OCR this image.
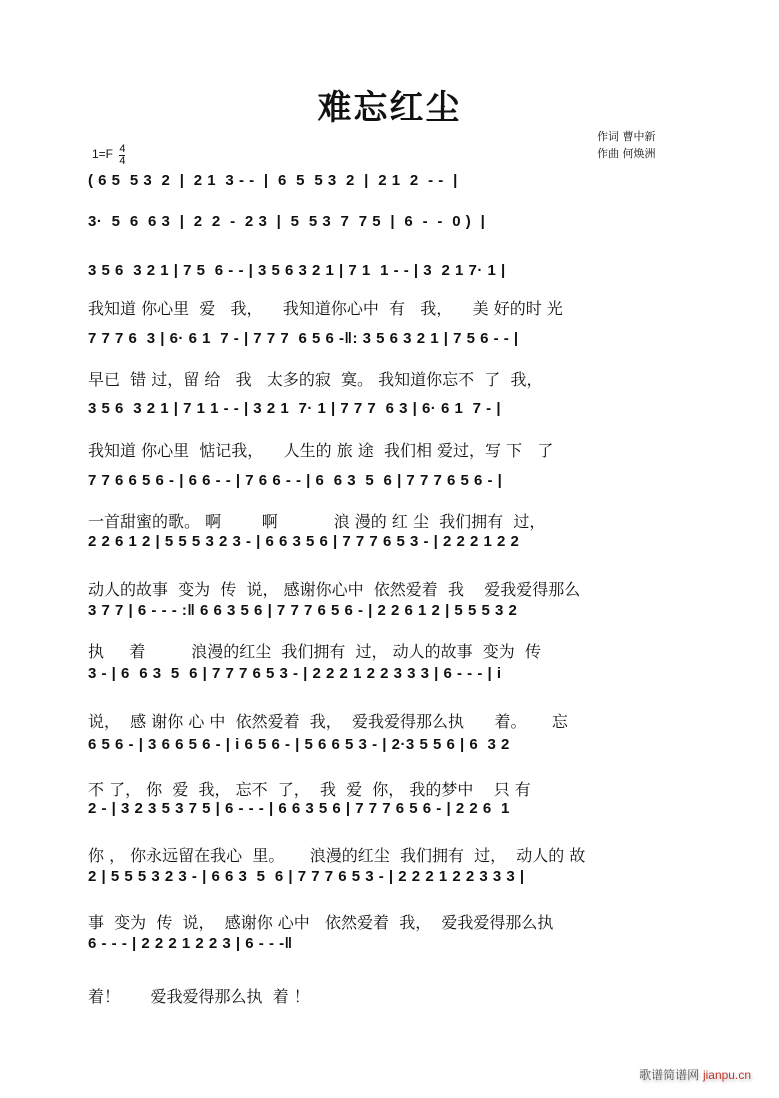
难忘红尘
$1=F \frac{4}{4}$
作词 曹中新
作曲 何焕洲
( 6 5  5 3  2  |  2 1  3 - -  |  6  5  5 3  2  |  2 1  2  - -  |
3·  5  6  6 3  |  2  2  -  2 3  |  5  5 3  7  7 5  |  6  -  -  0 )  |
3 5 6  3 2 1 | 7 5  6 - - | 3 5 6 3 2 1 | 7 1  1 - - | 3  2 1 7· 1 |
我知道 你心里  爱   我，    我知道你心中  有   我，    美 好的时 光
7 7 7 6  3 | 6· 6 1  7 - | 7 7 7  6 5 6 -‖: 3 5 6 3 2 1 | 7 5 6 - - |
早已  错 过，留 给   我   太多的寂  寞。 我知道你忘不  了  我，
3 5 6  3 2 1 | 7 1 1 - - | 3 2 1  7· 1 | 7 7 7  6 3 | 6· 6 1  7 - |
我知道 你心里  惦记我，    人生的 旅 途  我们相 爱过，写 下   了
7 7 6 6 5 6 - | 6 6 - - | 7 6 6 - - | 6  6 3  5  6 | 7 7 7 6 5 6 - |
一首甜蜜的歌。 啊        啊           浪 漫的 红 尘  我们拥有  过，
2 2 6 1 2 | 5 5 5 3 2 3 - | 6 6 3 5 6 | 7 7 7 6 5 3 - | 2 2 2 1 2 2
动人的故事  变为  传  说， 感谢你心中  依然爱着  我    爱我爱得那么
3 7 7 | 6 - - - :‖ 6 6 3 5 6 | 7 7 7 6 5 6 - | 2 2 6 1 2 | 5 5 5 3 2
执     着         浪漫的红尘  我们拥有  过， 动人的故事  变为  传
3 - | 6  6 3  5  6 | 7 7 7 6 5 3 - | 2 2 2 1 2 2 3 3 3 | 6 - - - | i
说，  感 谢你 心 中  依然爱着  我，  爱我爱得那么执      着。     忘
6 5 6 - | 3 6 6 5 6 - | i 6 5 6 - | 5 6 6 5 3 - | 2·3 5 5 6 | 6  3 2
不 了， 你  爱  我， 忘不  了，  我  爱  你， 我的梦中    只 有
2 - | 3 2 3 5 3 7 5 | 6 - - - | 6 6 3 5 6 | 7 7 7 6 5 6 - | 2 2 6  1
你 ， 你永远留在我心  里。     浪漫的红尘  我们拥有  过，  动人的 故
2 | 5 5 5 3 2 3 - | 6 6 3  5  6 | 7 7 7 6 5 3 - | 2 2 2 1 2 2 3 3 3 |
事  变为  传  说，  感谢你 心中   依然爱着  我，  爱我爱得那么执
6 - - - | 2 2 2 1 2 2 3 | 6 - - -‖
着！      爱我爱得那么执  着 ！
歌谱简谱网 jianpu.cn
